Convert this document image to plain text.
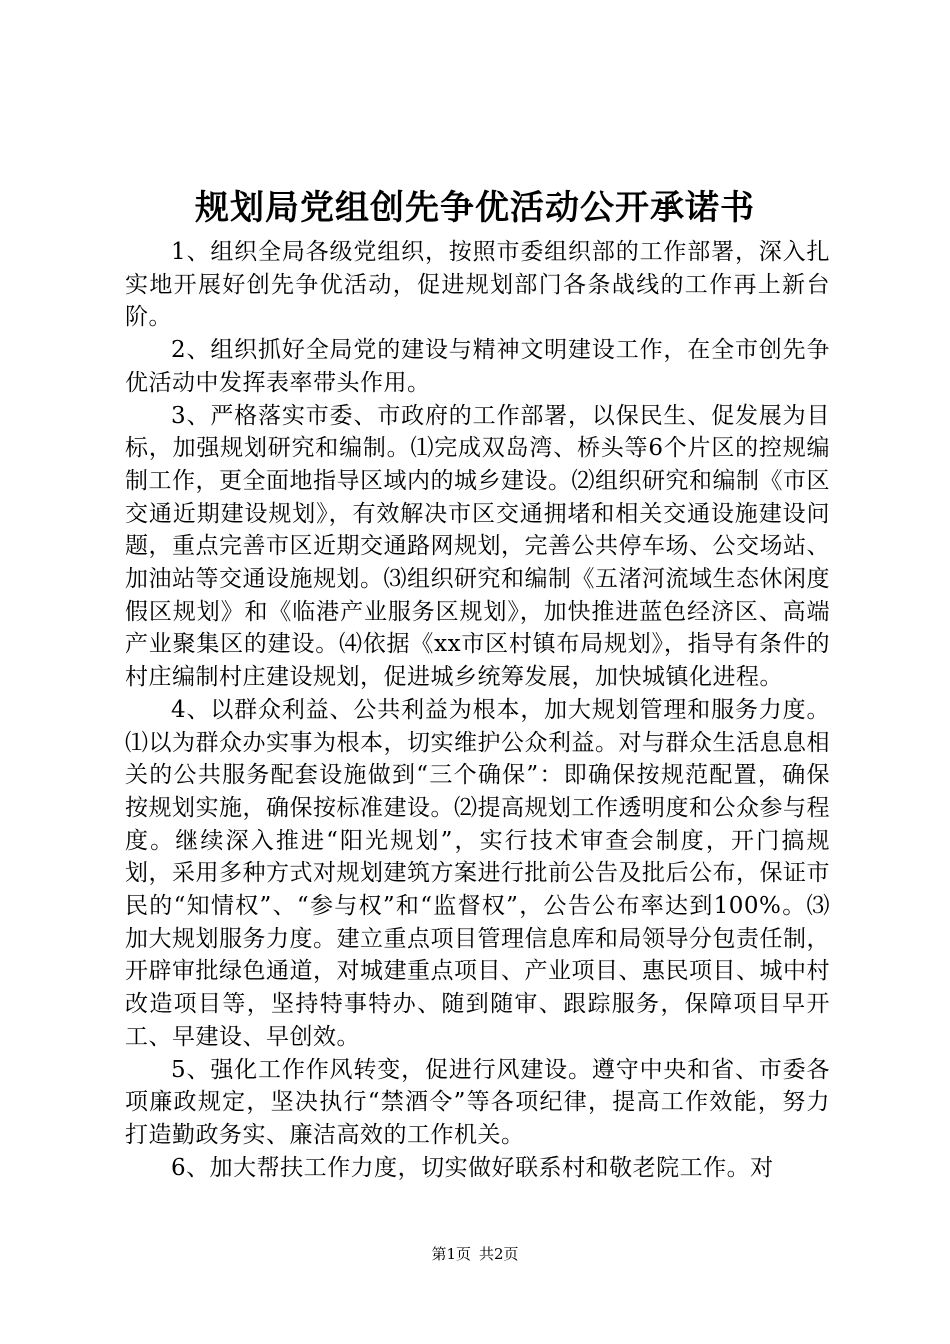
规划局党组创先争优活动公开承诺书

1、组织全局各级党组织，按照市委组织部的工作部署，深入扎实地开展好创先争优活动，促进规划部门各条战线的工作再上新台阶。

2、组织抓好全局党的建设与精神文明建设工作，在全市创先争优活动中发挥表率带头作用。

3、严格落实市委、市政府的工作部署，以保民生、促发展为目标，加强规划研究和编制。⑴完成双岛湾、桥头等6个片区的控规编制工作，更全面地指导区域内的城乡建设。⑵组织研究和编制《市区交通近期建设规划》，有效解决市区交通拥堵和相关交通设施建设问题，重点完善市区近期交通路网规划，完善公共停车场、公交场站、加油站等交通设施规划。⑶组织研究和编制《五渚河流域生态休闲度假区规划》和《临港产业服务区规划》，加快推进蓝色经济区、高端产业聚集区的建设。⑷依据《xx市区村镇布局规划》，指导有条件的村庄编制村庄建设规划，促进城乡统筹发展，加快城镇化进程。

4、以群众利益、公共利益为根本，加大规划管理和服务力度。⑴以为群众办实事为根本，切实维护公众利益。对与群众生活息息相关的公共服务配套设施做到“三个确保”：即确保按规范配置，确保按规划实施，确保按标准建设。⑵提高规划工作透明度和公众参与程度。继续深入推进“阳光规划”，实行技术审查会制度，开门搞规划，采用多种方式对规划建筑方案进行批前公告及批后公布，保证市民的“知情权”、“参与权”和“监督权”，公告公布率达到100%。⑶加大规划服务力度。建立重点项目管理信息库和局领导分包责任制，开辟审批绿色通道，对城建重点项目、产业项目、惠民项目、城中村改造项目等，坚持特事特办、随到随审、跟踪服务，保障项目早开工、早建设、早创效。

5、强化工作作风转变，促进行风建设。遵守中央和省、市委各项廉政规定，坚决执行“禁酒令”等各项纪律，提高工作效能，努力打造勤政务实、廉洁高效的工作机关。

6、加大帮扶工作力度，切实做好联系村和敬老院工作。对

第1页 共2页
